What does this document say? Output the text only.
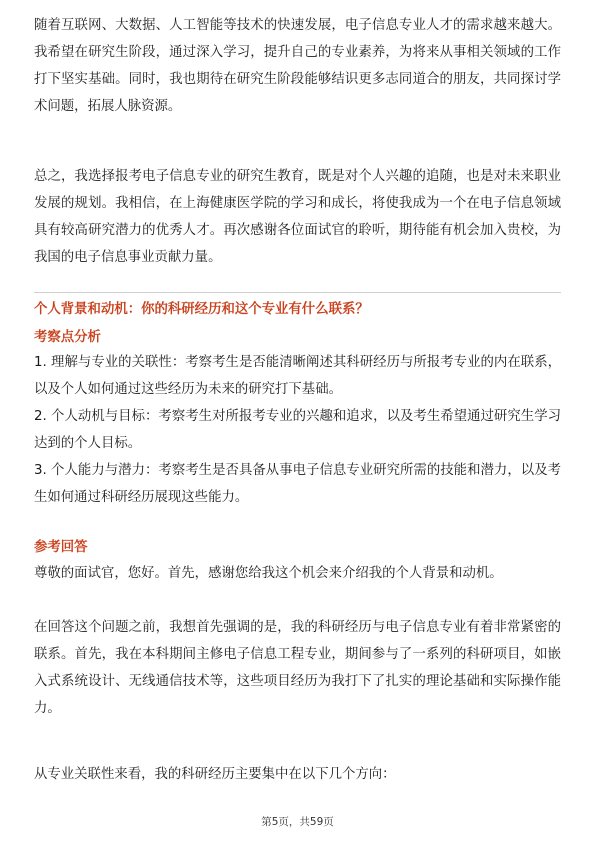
随着互联网、大数据、人工智能等技术的快速发展，电子信息专业人才的需求越来越大。我希望在研究生阶段，通过深入学习，提升自己的专业素养，为将来从事相关领域的工作打下坚实基础。同时，我也期待在研究生阶段能够结识更多志同道合的朋友，共同探讨学术问题，拓展人脉资源。

总之，我选择报考电子信息专业的研究生教育，既是对个人兴趣的追随，也是对未来职业发展的规划。我相信，在上海健康医学院的学习和成长，将使我成为一个在电子信息领域具有较高研究潜力的优秀人才。再次感谢各位面试官的聆听，期待能有机会加入贵校，为我国的电子信息事业贡献力量。

个人背景和动机：你的科研经历和这个专业有什么联系？

考察点分析

1. 理解与专业的关联性：考察考生是否能清晰阐述其科研经历与所报考专业的内在联系，以及个人如何通过这些经历为未来的研究打下基础。

2. 个人动机与目标：考察考生对所报考专业的兴趣和追求，以及考生希望通过研究生学习达到的个人目标。

3. 个人能力与潜力：考察考生是否具备从事电子信息专业研究所需的技能和潜力，以及考生如何通过科研经历展现这些能力。

参考回答

尊敬的面试官，您好。首先，感谢您给我这个机会来介绍我的个人背景和动机。

在回答这个问题之前，我想首先强调的是，我的科研经历与电子信息专业有着非常紧密的联系。首先，我在本科期间主修电子信息工程专业，期间参与了一系列的科研项目，如嵌入式系统设计、无线通信技术等，这些项目经历为我打下了扎实的理论基础和实际操作能力。

从专业关联性来看，我的科研经历主要集中在以下几个方向：

第5页，共59页
